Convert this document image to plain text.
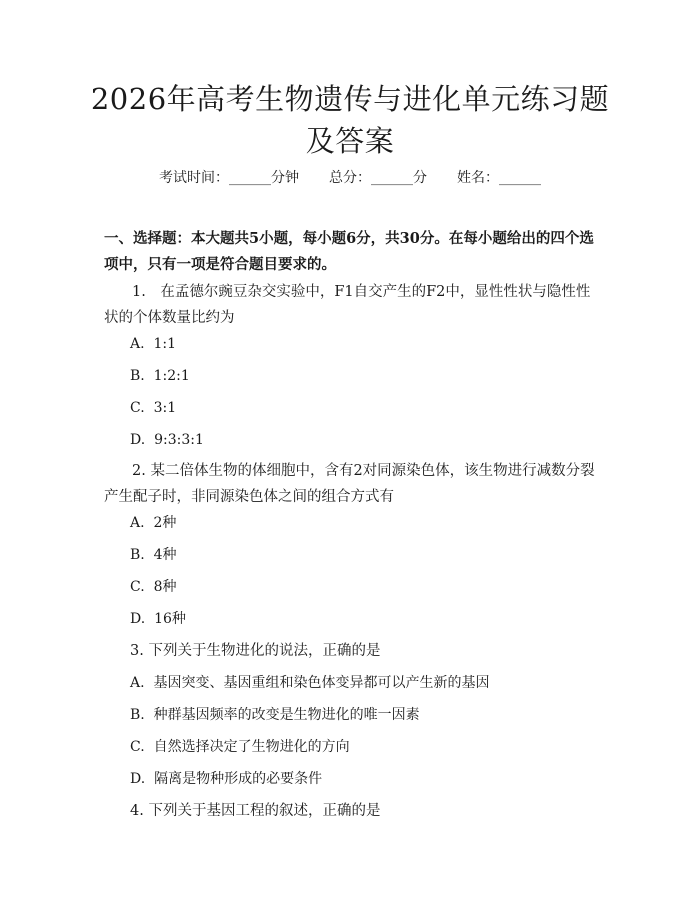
2026年高考生物遗传与进化单元练习题及答案
考试时间：______分钟 总分：______分 姓名：______
一、选择题：本大题共5小题，每小题6分，共30分。在每小题给出的四个选项中，只有一项是符合题目要求的。
1.　在孟德尔豌豆杂交实验中，F1自交产生的F2中，显性性状与隐性性状的个体数量比约为
A.  1:1
B.  1:2:1
C.  3:1
D.  9:3:3:1
2. 某二倍体生物的体细胞中，含有2对同源染色体，该生物进行减数分裂产生配子时，非同源染色体之间的组合方式有
A.  2种
B.  4种
C.  8种
D.  16种
3. 下列关于生物进化的说法，正确的是
A.  基因突变、基因重组和染色体变异都可以产生新的基因
B.  种群基因频率的改变是生物进化的唯一因素
C.  自然选择决定了生物进化的方向
D.  隔离是物种形成的必要条件
4. 下列关于基因工程的叙述，正确的是
